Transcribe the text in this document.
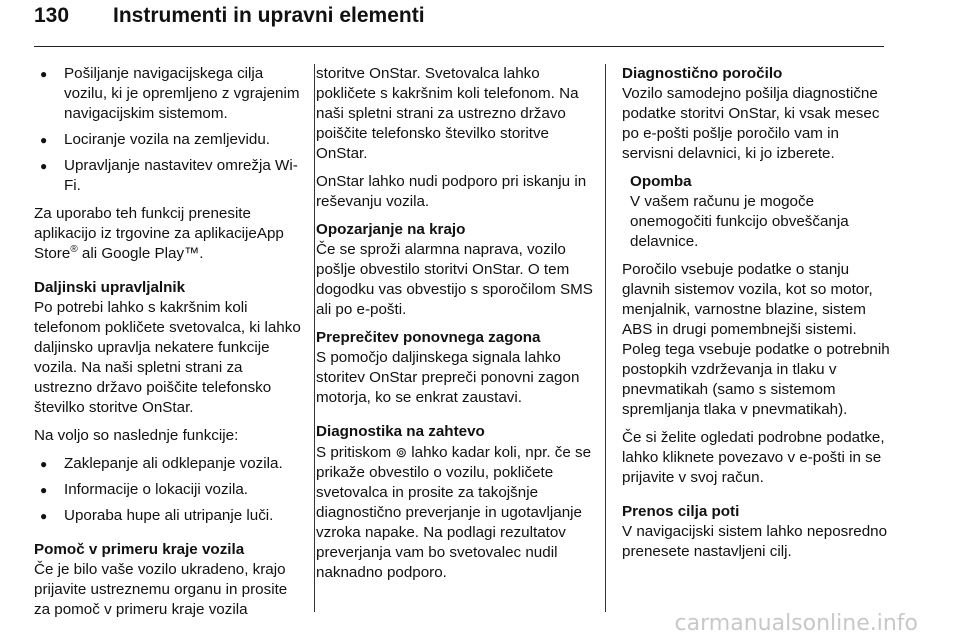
130 Instrumenti in upravni elementi
● Pošiljanje navigacijskega cilja vozilu, ki je opremljeno z vgrajenim navigacijskim sistemom.
● Lociranje vozila na zemljevidu.
● Upravljanje nastavitev omrežja Wi-Fi.

Za uporabo teh funkcij prenesite aplikacijo iz trgovine za aplikacijeApp Store® ali Google Play™.

Daljinski upravljalnik

Po potrebi lahko s kakršnim koli telefonom pokličete svetovalca, ki lahko daljinsko upravlja nekatere funkcije vozila. Na naši spletni strani za ustrezno državo poiščite telefonsko številko storitve OnStar.

Na voljo so naslednje funkcije:

● Zaklepanje ali odklepanje vozila.
● Informacije o lokaciji vozila.
● Uporaba hupe ali utripanje luči.

Pomoč v primeru kraje vozila

Če je bilo vaše vozilo ukradeno, krajo prijavite ustreznemu organu in prosite za pomoč v primeru kraje vozila

storitve OnStar. Svetovalca lahko pokličete s kakršnim koli telefonom. Na naši spletni strani za ustrezno državo poiščite telefonsko številko storitve OnStar.

OnStar lahko nudi podporo pri iskanju in reševanju vozila.

Opozarjanje na krajo

Če se sproži alarmna naprava, vozilo pošlje obvestilo storitvi OnStar. O tem dogodku vas obvestijo s sporočilom SMS ali po e-pošti.

Preprečitev ponovnega zagona

S pomočjo daljinskega signala lahko storitev OnStar prepreči ponovni zagon motorja, ko se enkrat zaustavi.

Diagnostika na zahtevo

S pritiskom ⊚ lahko kadar koli, npr. če se prikaže obvestilo o vozilu, pokličete svetovalca in prosite za takojšnje diagnostično preverjanje in ugotavljanje vzroka napake. Na podlagi rezultatov preverjanja vam bo svetovalec nudil naknadno podporo.

Diagnostično poročilo

Vozilo samodejno pošilja diagnostične podatke storitvi OnStar, ki vsak mesec po e-pošti pošlje poročilo vam in servisni delavnici, ki jo izberete.

Opomba

V vašem računu je mogoče onemogočiti funkcijo obveščanja delavnice.

Poročilo vsebuje podatke o stanju glavnih sistemov vozila, kot so motor, menjalnik, varnostne blazine, sistem ABS in drugi pomembnejši sistemi. Poleg tega vsebuje podatke o potrebnih postopkih vzdrževanja in tlaku v pnevmatikah (samo s sistemom spremljanja tlaka v pnevmatikah).

Če si želite ogledati podrobne podatke, lahko kliknete povezavo v e-pošti in se prijavite v svoj račun.

Prenos cilja poti

V navigacijski sistem lahko neposredno prenesete nastavljeni cilj.

carmanualsonline.info
